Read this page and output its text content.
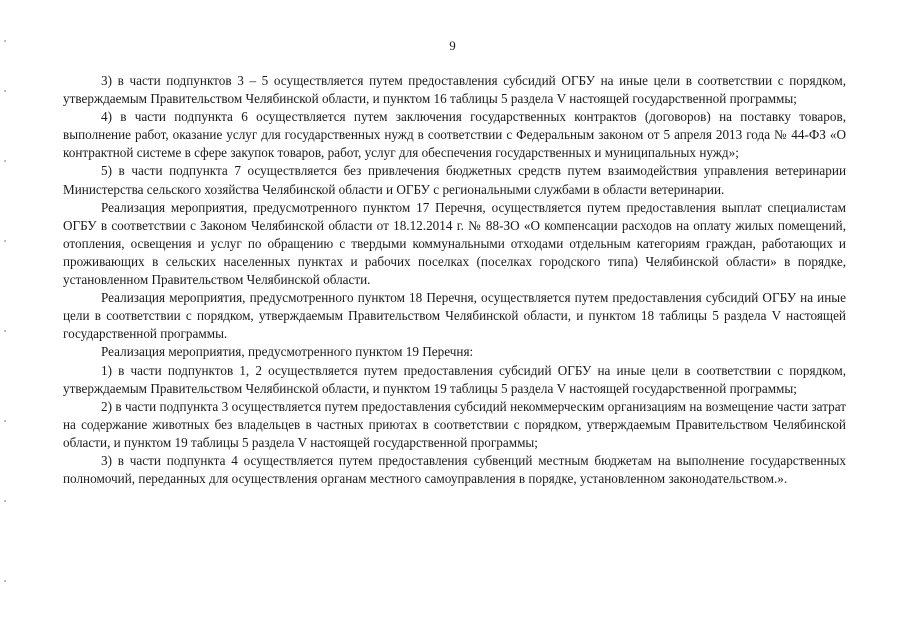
9

3) в части подпунктов 3 – 5 осуществляется путем предоставления субсидий ОГБУ на иные цели в соответствии с порядком, утверждаемым Правительством Челябинской области, и пунктом 16 таблицы 5 раздела V настоящей государственной программы;

4) в части подпункта 6 осуществляется путем заключения государственных контрактов (договоров) на поставку товаров, выполнение работ, оказание услуг для государственных нужд в соответствии с Федеральным законом от 5 апреля 2013 года № 44-ФЗ «О контрактной системе в сфере закупок товаров, работ, услуг для обеспечения государственных и муниципальных нужд»;

5) в части подпункта 7 осуществляется без привлечения бюджетных средств путем взаимодействия управления ветеринарии Министерства сельского хозяйства Челябинской области и ОГБУ с региональными службами в области ветеринарии.

Реализация мероприятия, предусмотренного пунктом 17 Перечня, осуществляется путем предоставления выплат специалистам ОГБУ в соответствии с Законом Челябинской области от 18.12.2014 г. № 88-ЗО «О компенсации расходов на оплату жилых помещений, отопления, освещения и услуг по обращению с твердыми коммунальными отходами отдельным категориям граждан, работающих и проживающих в сельских населенных пунктах и рабочих поселках (поселках городского типа) Челябинской области» в порядке, установленном Правительством Челябинской области.

Реализация мероприятия, предусмотренного пунктом 18 Перечня, осуществляется путем предоставления субсидий ОГБУ на иные цели в соответствии с порядком, утверждаемым Правительством Челябинской области, и пунктом 18 таблицы 5 раздела V настоящей государственной программы.

Реализация мероприятия, предусмотренного пунктом 19 Перечня:

1) в части подпунктов 1, 2 осуществляется путем предоставления субсидий ОГБУ на иные цели в соответствии с порядком, утверждаемым Правительством Челябинской области, и пунктом 19 таблицы 5 раздела V настоящей государственной программы;

2) в части подпункта 3 осуществляется путем предоставления субсидий некоммерческим организациям на возмещение части затрат на содержание животных без владельцев в частных приютах в соответствии с порядком, утверждаемым Правительством Челябинской области, и пунктом 19 таблицы 5 раздела V настоящей государственной программы;

3) в части подпункта 4 осуществляется путем предоставления субвенций местным бюджетам на выполнение государственных полномочий, переданных для осуществления органам местного самоуправления в порядке, установленном законодательством.».
